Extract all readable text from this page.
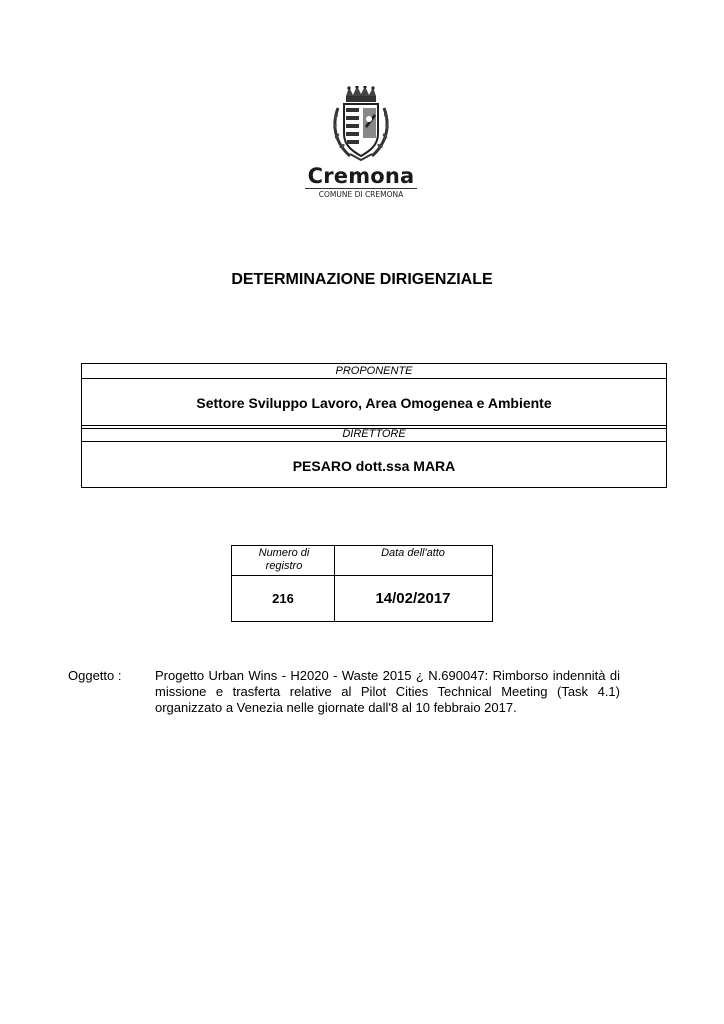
Cremona
COMUNE DI CREMONA
DETERMINAZIONE DIRIGENZIALE
PROPONENTE
Settore Sviluppo Lavoro, Area Omogenea e Ambiente
DIRETTORE
PESARO dott.ssa MARA
Numero di registro
Data dell'atto
216	14/02/2017
Oggetto :	Progetto Urban Wins - H2020 - Waste 2015 ¿ N.690047: Rimborso indennità di missione e trasferta relative al Pilot Cities Technical Meeting (Task 4.1) organizzato a Venezia nelle giornate dall'8 al 10 febbraio 2017.
